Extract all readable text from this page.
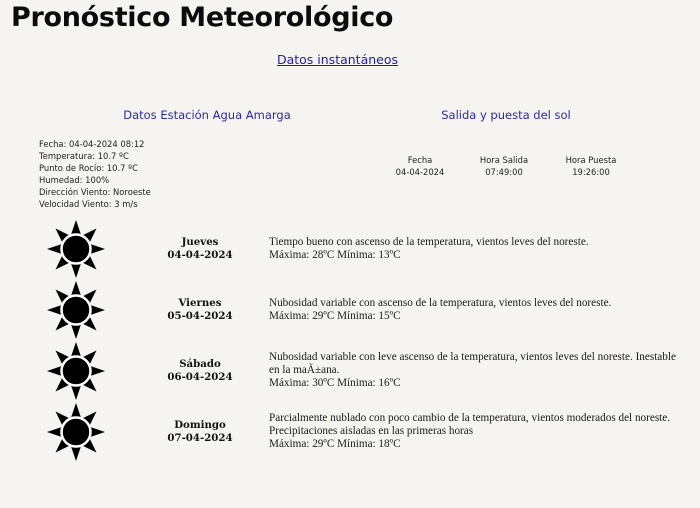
Pronóstico Meteorológico
Datos instantáneos
Datos Estación Agua Amarga	Salida y puesta del sol
Fecha: 04-04-2024 08:12
Temperatura: 10.7 ºC
Punto de Rocío: 10.7 ºC
Humedad: 100%
Dirección Viento: Noroeste
Velocidad Viento: 3 m/s
Fecha
04-04-2024
Hora Salida
07:49:00
Hora Puesta
19:26:00
Jueves
04-04-2024
Tiempo bueno con ascenso de la temperatura, vientos leves del noreste.
Máxima: 28ºC Mínima: 13ºC
Viernes
05-04-2024
Nubosidad variable con ascenso de la temperatura, vientos leves del noreste.
Máxima: 29ºC Mínima: 15ºC
Sábado
06-04-2024
Nubosidad variable con leve ascenso de la temperatura, vientos leves del noreste. Inestable en la maÃ±ana.
Máxima: 30ºC Mínima: 16ºC
Domingo
07-04-2024
Parcialmente nublado con poco cambio de la temperatura, vientos moderados del noreste. Precipitaciones aisladas en las primeras horas
Máxima: 29ºC Mínima: 18ºC
